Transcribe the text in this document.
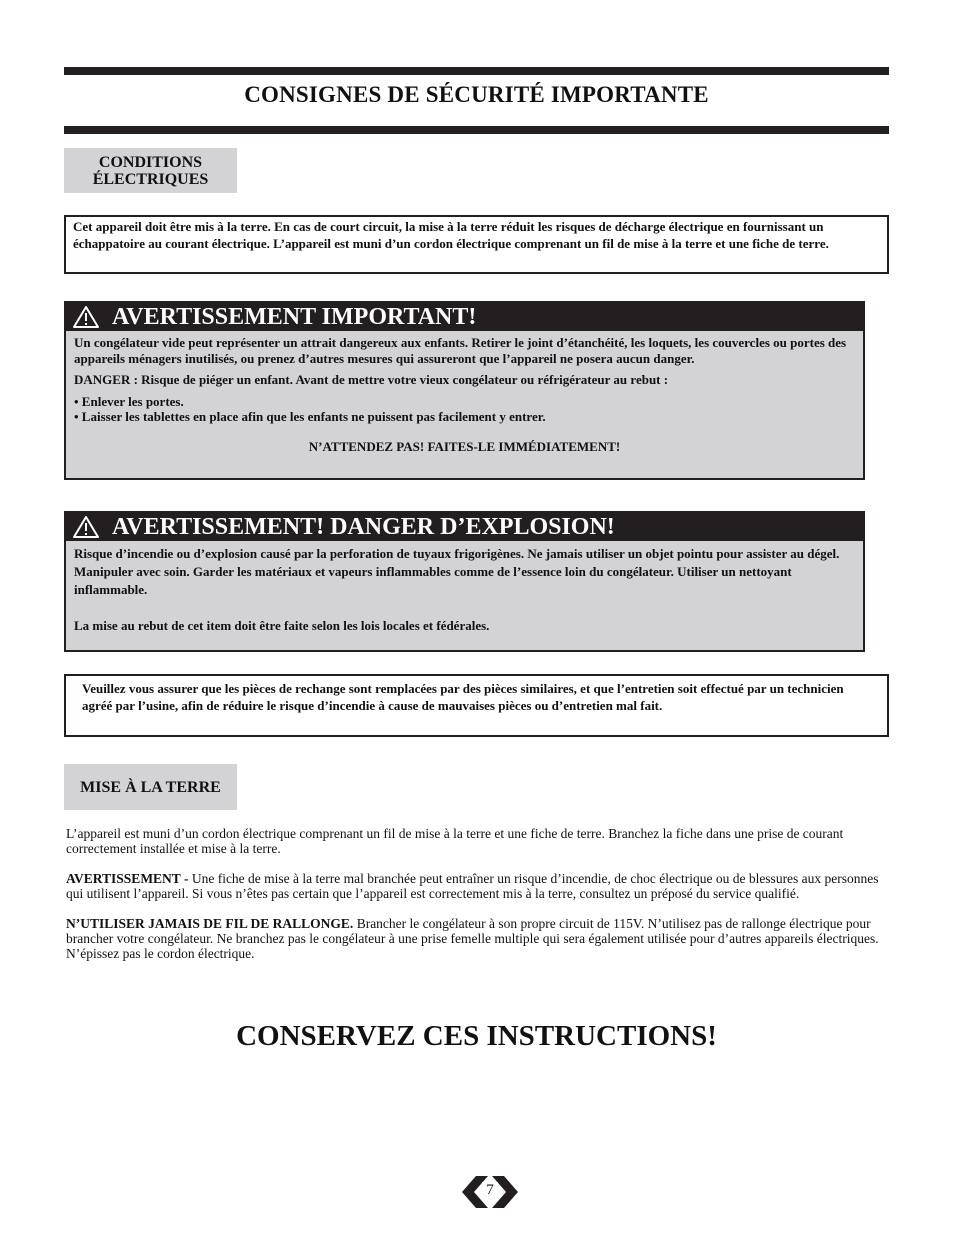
CONSIGNES DE SÉCURITÉ IMPORTANTE
CONDITIONS ÉLECTRIQUES
Cet appareil doit être mis à la terre. En cas de court circuit, la mise à la terre réduit les risques de décharge électrique en fournissant un échappatoire au courant électrique. L’appareil est muni d’un cordon électrique comprenant un fil de mise à la terre et une fiche de terre.
AVERTISSEMENT IMPORTANT!

Un congélateur vide peut représenter un attrait dangereux aux enfants. Retirer le joint d’étanchéité, les loquets, les couvercles ou portes des appareils ménagers inutilisés, ou prenez d’autres mesures qui assureront que l’appareil ne posera aucun danger.

DANGER : Risque de piéger un enfant. Avant de mettre votre vieux congélateur ou réfrigérateur au rebut :

• Enlever les portes.

• Laisser les tablettes en place afin que les enfants ne puissent pas facilement y entrer.

N’ATTENDEZ PAS! FAITES-LE IMMÉDIATEMENT!

AVERTISSEMENT! DANGER D’EXPLOSION!

Risque d’incendie ou d’explosion causé par la perforation de tuyaux frigorigènes. Ne jamais utiliser un objet pointu pour assister au dégel. Manipuler avec soin. Garder les matériaux et vapeurs inflammables comme de l’essence loin du congélateur. Utiliser un nettoyant inflammable.

La mise au rebut de cet item doit être faite selon les lois locales et fédérales.

Veuillez vous assurer que les pièces de rechange sont remplacées par des pièces similaires, et que l’entretien soit effectué par un technicien agréé par l’usine, afin de réduire le risque d’incendie à cause de mauvaises pièces ou d’entretien mal fait.
MISE À LA TERRE

L’appareil est muni d’un cordon électrique comprenant un fil de mise à la terre et une fiche de terre. Branchez la fiche dans une prise de courant correctement installée et mise à la terre.

AVERTISSEMENT - Une fiche de mise à la terre mal branchée peut entraîner un risque d’incendie, de choc électrique ou de blessures aux personnes qui utilisent l’appareil. Si vous n’êtes pas certain que l’appareil est correctement mis à la terre, consultez un préposé du service qualifié.

N’UTILISER JAMAIS DE FIL DE RALLONGE. Brancher le congélateur à son propre circuit de 115V. N’utilisez pas de rallonge électrique pour brancher votre congélateur. Ne branchez pas le congélateur à une prise femelle multiple qui sera également utilisée pour d’autres appareils électriques. N’épissez pas le cordon électrique.

CONSERVEZ CES INSTRUCTIONS!
7
